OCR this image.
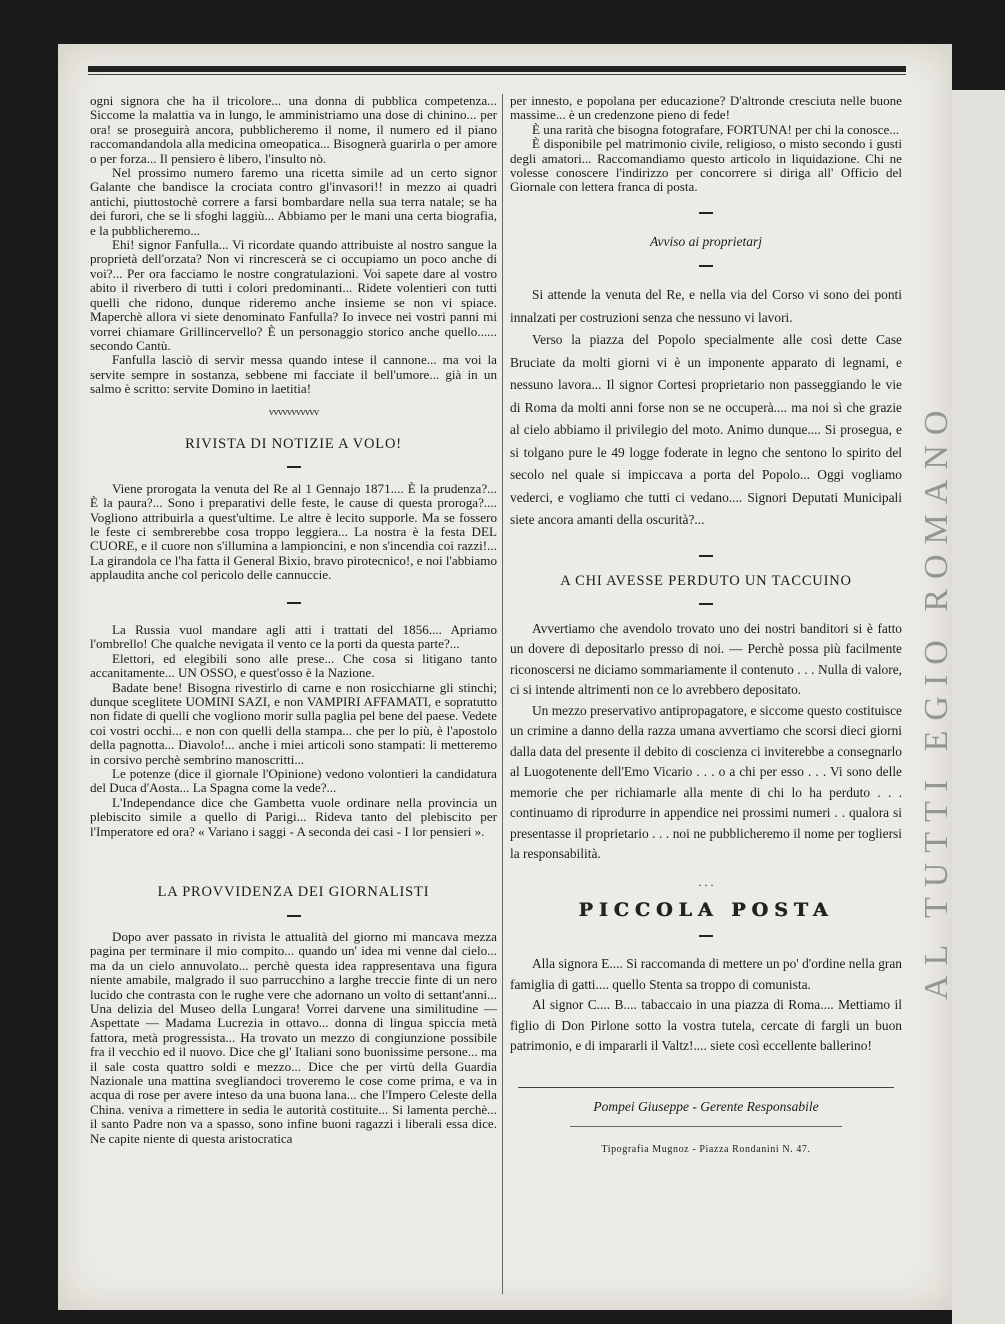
ogni signora che ha il tricolore... una donna di pubblica competenza... Siccome la malattia va in lungo, le amministriamo una dose di chinino... per ora! se proseguirà ancora, pubblicheremo il nome, il numero ed il piano raccomandandola alla medicina omeopatica... Bisognerà guarirla o per amore o per forza... Il pensiero è libero, l'insulto nò.

Nel prossimo numero faremo una ricetta simile ad un certo signor Galante che bandisce la crociata contro gl'invasori!! in mezzo ai quadri antichi, piuttostochè correre a farsi bombardare nella sua terra natale; se ha dei furori, che se li sfoghi laggiù... Abbiamo per le mani una certa biografia, e la pubblicheremo...

Ehi! signor Fanfulla... Vi ricordate quando attribuiste al nostro sangue la proprietà dell'orzata? Non vi rincrescerà se ci occupiamo un poco anche di voi?... Per ora facciamo le nostre congratulazioni. Voi sapete dare al vostro abito il riverbero di tutti i colori predominanti... Ridete volentieri con tutti quelli che ridono, dunque rideremo anche insieme se non vi spiace. Maperchè allora vi siete denominato Fanfulla? Io invece nei vostri panni mi vorrei chiamare Grillincervello? È un personaggio storico anche quello...... secondo Cantù.

Fanfulla lasciò di servir messa quando intese il cannone... ma voi la servite sempre in sostanza, sebbene mi facciate il bell'umore... già in un salmo è scritto: servite Domino in laetitia!

vvvvvvvvvvv
RIVISTA DI NOTIZIE A VOLO!

Viene prorogata la venuta del Re al 1 Gennajo 1871.... È la prudenza?... È la paura?... Sono i preparativi delle feste, le cause di questa proroga?.... Vogliono attribuirla a quest'ultime. Le altre è lecito supporle. Ma se fossero le feste ci sembrerebbe cosa troppo leggiera... La nostra è la festa DEL CUORE, e il cuore non s'illumina a lampioncini, e non s'incendia coi razzi!... La girandola ce l'ha fatta il General Bixio, bravo pirotecnico!, e noi l'abbiamo applaudita anche col pericolo delle cannuccie.

La Russia vuol mandare agli atti i trattati del 1856.... Apriamo l'ombrello! Che qualche nevigata il vento ce la porti da questa parte?...

Elettori, ed elegibili sono alle prese... Che cosa si litigano tanto accanitamente... UN OSSO, e quest'osso è la Nazione.

Badate bene! Bisogna rivestirlo di carne e non rosicchiarne gli stinchi; dunque sceglitete UOMINI SAZI, e non VAMPIRI AFFAMATI, e sopratutto non fidate di quelli che vogliono morir sulla paglia pel bene del paese. Vedete coi vostri occhi... e non con quelli della stampa... che per lo più, è l'apostolo della pagnotta... Diavolo!... anche i miei articoli sono stampati: li metteremo in corsivo perchè sembrino manoscritti...

Le potenze (dice il giornale l'Opinione) vedono volontieri la candidatura del Duca d'Aosta... La Spagna come la vede?...

L'Independance dice che Gambetta vuole ordinare nella provincia un plebiscito simile a quello di Parigi... Rideva tanto del plebiscito per l'Imperatore ed ora? « Variano i saggi - A seconda dei casi - I lor pensieri ».

LA PROVVIDENZA DEI GIORNALISTI

Dopo aver passato in rivista le attualità del giorno mi mancava mezza pagina per terminare il mio compito... quando un' idea mi venne dal cielo... ma da un cielo annuvolato... perchè questa idea rappresentava una figura niente amabile, malgrado il suo parrucchino a larghe treccie finte di un nero lucido che contrasta con le rughe vere che adornano un volto di settant'anni... Una delizia del Museo della Lungara! Vorrei darvene una similitudine — Aspettate — Madama Lucrezia in ottavo... donna di lingua spiccia metà fattora, metà progressista... Ha trovato un mezzo di congiunzione possibile fra il vecchio ed il nuovo. Dice che gl' Italiani sono buonissime persone... ma il sale costa quattro soldi e mezzo... Dice che per virtù della Guardia Nazionale una mattina svegliandoci troveremo le cose come prima, e va in acqua di rose per avere inteso da una buona lana... che l'Impero Celeste della China. veniva a rimettere in sedia le autorità costituite... Si lamenta perchè... il santo Padre non va a spasso, sono infine buoni ragazzi i liberali essa dice. Ne capite niente di questa aristocratica

per innesto, e popolana per educazione? D'altronde cresciuta nelle buone massime... è un credenzone pieno di fede!

È una rarità che bisogna fotografare, FORTUNA! per chi la conosce...

È disponibile pel matrimonio civile, religioso, o misto secondo i gusti degli amatori... Raccomandiamo questo articolo in liquidazione. Chi ne volesse conoscere l'indirizzo per concorrere si diriga all' Officio del Giornale con lettera franca di posta.

Avviso ai proprietarj

Si attende la venuta del Re, e nella via del Corso vi sono dei ponti innalzati per costruzioni senza che nessuno vi lavori.

Verso la piazza del Popolo specialmente alle così dette Case Bruciate da molti giorni vi è un imponente apparato di legnami, e nessuno lavora... Il signor Cortesi proprietario non passeggiando le vie di Roma da molti anni forse non se ne occuperà.... ma noi sì che grazie al cielo abbiamo il privilegio del moto. Animo dunque.... Si prosegua, e si tolgano pure le 49 logge foderate in legno che sentono lo spirito del secolo nel quale si impiccava a porta del Popolo... Oggi vogliamo vederci, e vogliamo che tutti ci vedano.... Signori Deputati Municipali siete ancora amanti della oscurità?...

A CHI AVESSE PERDUTO UN TACCUINO

Avvertiamo che avendolo trovato uno dei nostri banditori si è fatto un dovere di depositarlo presso di noi. — Perchè possa più facilmente riconoscersi ne diciamo sommariamente il contenuto . . . Nulla di valore, ci si intende altrimenti non ce lo avrebbero depositato.

Un mezzo preservativo antipropagatore, e siccome questo costituisce un crimine a danno della razza umana avvertiamo che scorsi dieci giorni dalla data del presente il debito di coscienza ci inviterebbe a consegnarlo al Luogotenente dell'Emo Vicario . . . o a chi per esso . . . Vi sono delle memorie che per richiamarle alla mente di chi lo ha perduto . . . continuamo di riprodurre in appendice nei prossimi numeri . . qualora si presentasse il proprietario . . . noi ne pubblicheremo il nome per togliersi la responsabilità.

. . .
PICCOLA POSTA

Alla signora E.... Si raccomanda di mettere un po' d'ordine nella gran famiglia di gatti.... quello Stenta sa troppo di comunista.

Al signor C.... B.... tabaccaio in una piazza di Roma.... Mettiamo il figlio di Don Pirlone sotto la vostra tutela, cercate di fargli un buon patrimonio, e di impararli il Valtz!.... siete così eccellente ballerino!

Pompei Giuseppe - Gerente Responsabile
Tipografia Mugnoz - Piazza Rondanini N. 47.
AL TUTTI EGIO ROMANO
